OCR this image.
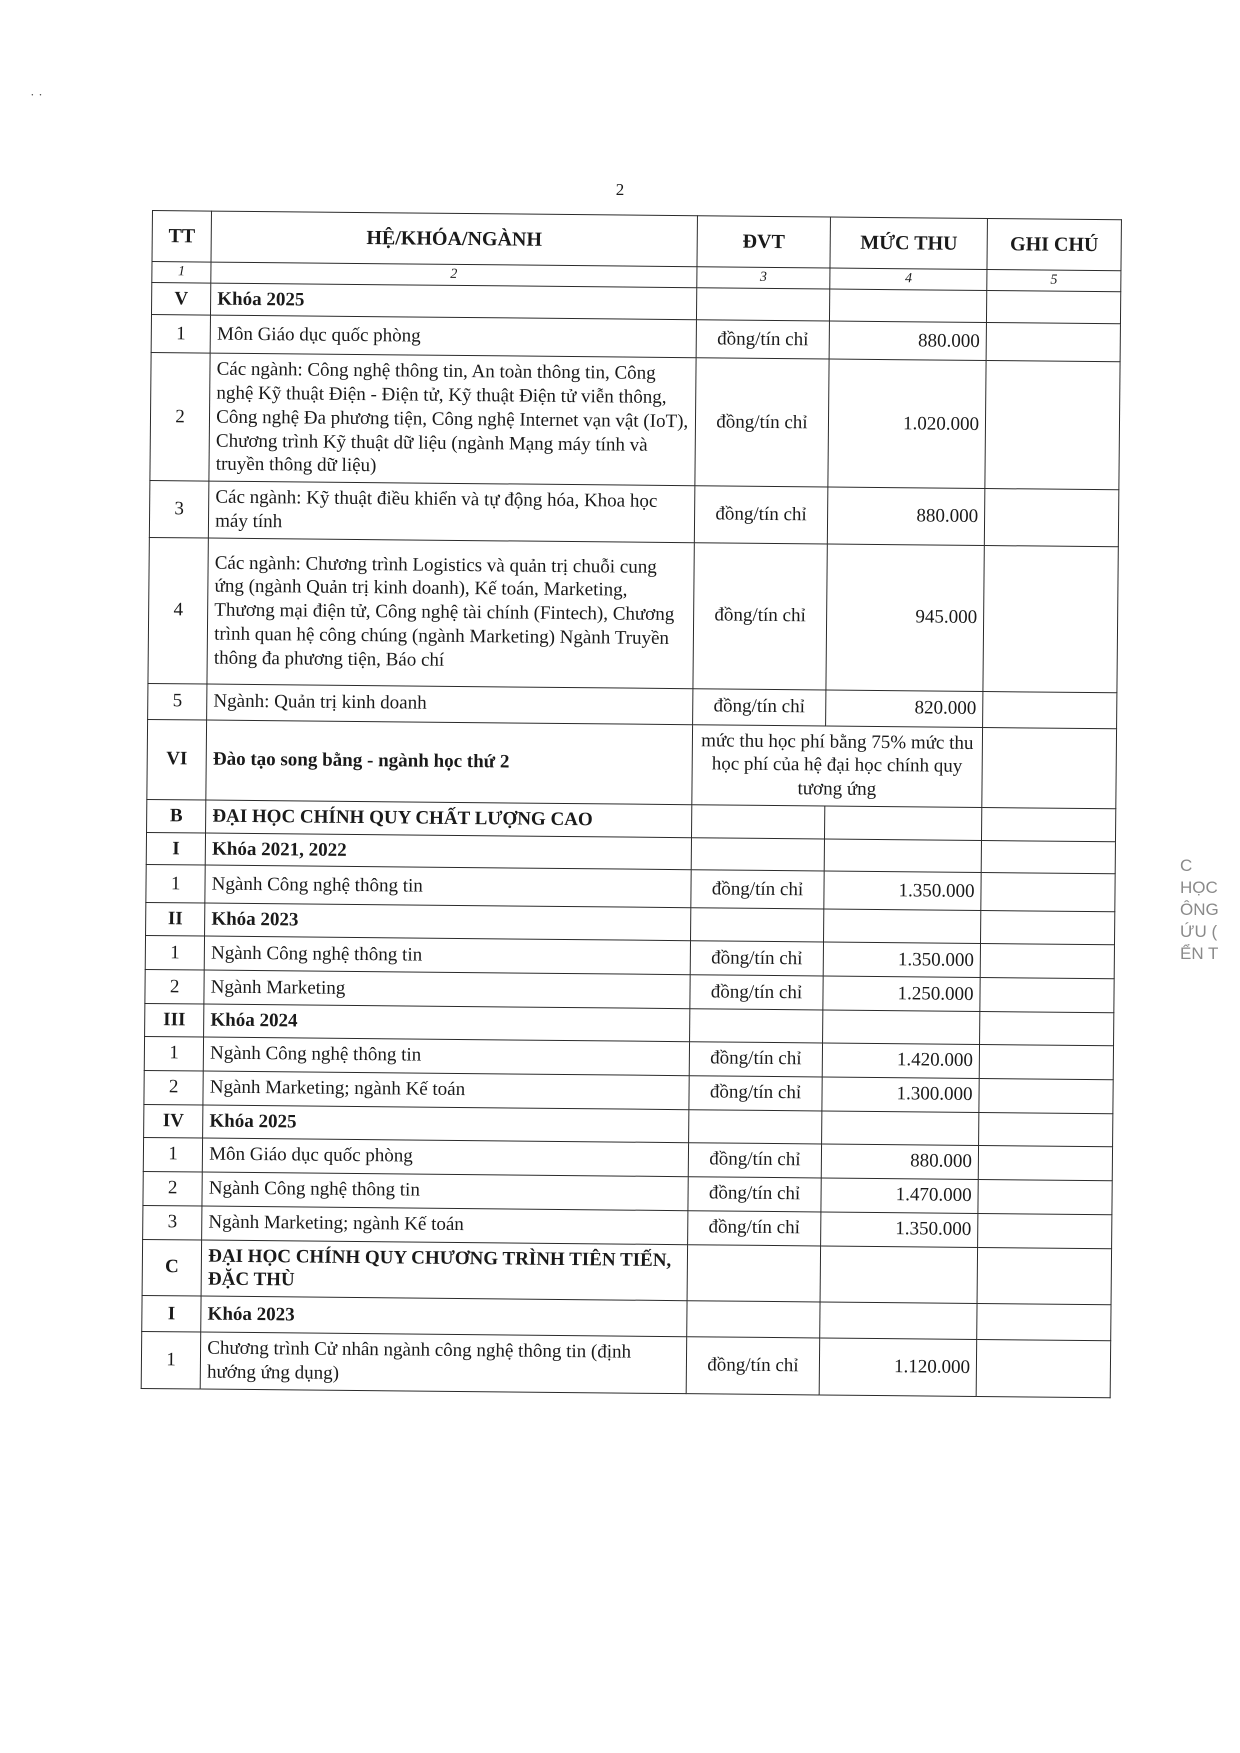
˙ ˙
2
TT	HỆ/KHÓA/NGÀNH	ĐVT	MỨC THU	GHI CHÚ
1	2	3	4	5
V	Khóa 2025			
1	Môn Giáo dục quốc phòng	đồng/tín chỉ	880.000	
2	Các ngành: Công nghệ thông tin, An toàn thông tin, Công nghệ Kỹ thuật Điện - Điện tử, Kỹ thuật Điện tử viễn thông, Công nghệ Đa phương tiện, Công nghệ Internet vạn vật (IoT), Chương trình Kỹ thuật dữ liệu (ngành Mạng máy tính và truyền thông dữ liệu)	đồng/tín chỉ	1.020.000	
3	Các ngành: Kỹ thuật điều khiển và tự động hóa, Khoa học máy tính	đồng/tín chỉ	880.000	
4	Các ngành: Chương trình Logistics và quản trị chuỗi cung ứng (ngành Quản trị kinh doanh), Kế toán, Marketing, Thương mại điện tử, Công nghệ tài chính (Fintech), Chương trình quan hệ công chúng (ngành Marketing) Ngành Truyền thông đa phương tiện, Báo chí	đồng/tín chỉ	945.000	
5	Ngành: Quản trị kinh doanh	đồng/tín chỉ	820.000	
VI	Đào tạo song bằng - ngành học thứ 2	mức thu học phí bằng 75% mức thu học phí của hệ đại học chính quy tương ứng		
B	ĐẠI HỌC CHÍNH QUY CHẤT LƯỢNG CAO			
I	Khóa 2021, 2022			
1	Ngành Công nghệ thông tin	đồng/tín chỉ	1.350.000	
II	Khóa 2023			
1	Ngành Công nghệ thông tin	đồng/tín chỉ	1.350.000	
2	Ngành Marketing	đồng/tín chỉ	1.250.000	
III	Khóa 2024			
1	Ngành Công nghệ thông tin	đồng/tín chỉ	1.420.000	
2	Ngành Marketing; ngành Kế toán	đồng/tín chỉ	1.300.000	
IV	Khóa 2025			
1	Môn Giáo dục quốc phòng	đồng/tín chỉ	880.000	
2	Ngành Công nghệ thông tin	đồng/tín chỉ	1.470.000	
3	Ngành Marketing; ngành Kế toán	đồng/tín chỉ	1.350.000	
C	ĐẠI HỌC CHÍNH QUY CHƯƠNG TRÌNH TIÊN TIẾN, ĐẶC THÙ			
I	Khóa 2023			
1	Chương trình Cử nhân ngành công nghệ thông tin (định hướng ứng dụng)	đồng/tín chỉ	1.120.000	
C
HỌC
ÔNG
ỨU (
ỂN T
